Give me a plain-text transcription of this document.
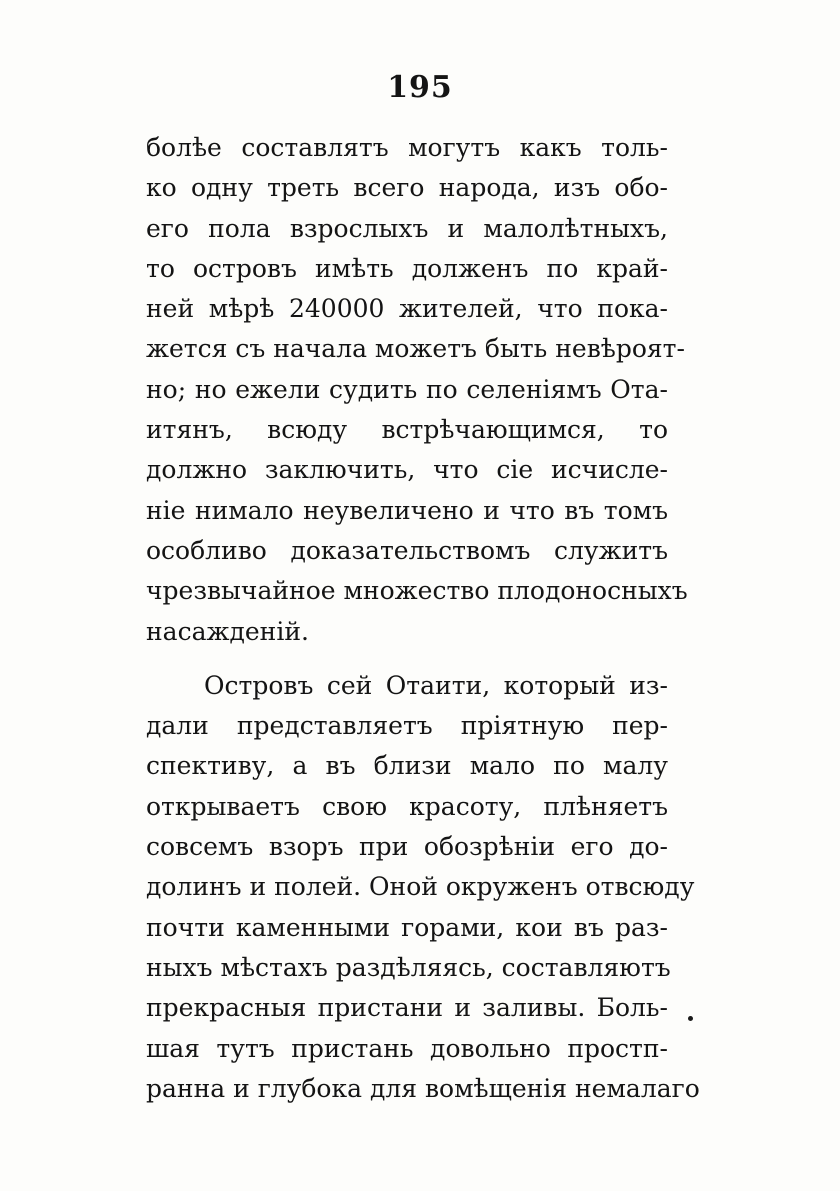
195
болѣе составлятъ могутъ какъ толь-
ко одну треть всего народа, изъ обо-
его пола взрослыхъ и малолѣтныхъ,
то островъ имѣть долженъ по край-
ней мѣрѣ 240000 жителей, что пока-
жется съ начала можетъ быть невѣроят-
но; но ежели судить по селеніямъ Ота-
итянъ, всюду встрѣчающимся, то
должно заключить, что сіе исчисле-
ніе нимало неувеличено и что въ томъ
особливо доказательствомъ служитъ
чрезвычайное множество плодоносныхъ
насажденій.
Островъ сей Отаити, который из-
дали представляетъ пріятную пер-
спективу, а въ близи мало по малу
открываетъ свою красоту, плѣняетъ
совсемъ взоръ при обозрѣніи его до-
долинъ и полей. Оной окруженъ отвсюду
почти каменными горами, кои въ раз-
ныхъ мѣстахъ раздѣляясь, составляютъ
прекрасныя пристани и заливы. Боль-
шая тутъ пристань довольно простп-
ранна и глубока для вомѣщенія немалаго
